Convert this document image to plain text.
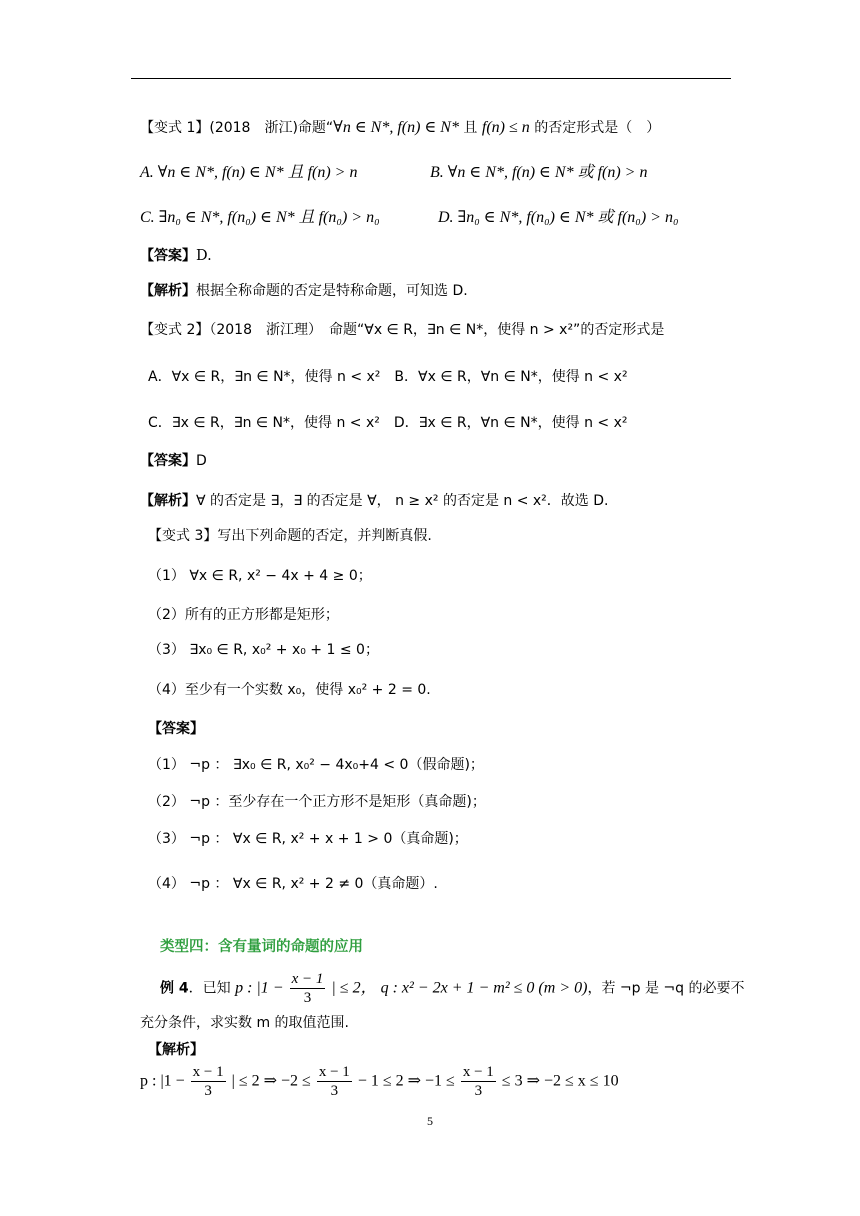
【变式 1】(2018　浙江)命题“∀n ∈ N*, f(n) ∈ N* 且 f(n) ≤ n 的否定形式是（　）
A. ∀n ∈ N*, f(n) ∈ N* 且 f(n) > n	B. ∀n ∈ N*, f(n) ∈ N* 或 f(n) > n
C. ∃n₀ ∈ N*, f(n₀) ∈ N* 且 f(n₀) > n₀	D. ∃n₀ ∈ N*, f(n₀) ∈ N* 或 f(n₀) > n₀
【答案】D.
【解析】根据全称命题的否定是特称命题，可知选 D.
【变式 2】（2018　浙江理）　命题“∀x ∈ R，∃n ∈ N*，使得 n > x²”的否定形式是
A．∀x ∈ R，∃n ∈ N*，使得 n < x²　B．∀x ∈ R，∀n ∈ N*，使得 n < x²
C．∃x ∈ R，∃n ∈ N*，使得 n < x²　D．∃x ∈ R，∀n ∈ N*，使得 n < x²
【答案】D
【解析】∀ 的否定是 ∃，∃ 的否定是 ∀， n ≥ x² 的否定是 n < x²．故选 D.
【变式 3】写出下列命题的否定，并判断真假.
（1） ∀x ∈ R, x² − 4x + 4 ≥ 0；
（2）所有的正方形都是矩形；
（3） ∃x₀ ∈ R, x₀² + x₀ + 1 ≤ 0；
（4）至少有一个实数 x₀，使得 x₀² + 2 = 0.
【答案】
（1） ¬p ： ∃x₀ ∈ R, x₀² − 4x₀+4 < 0（假命题)；
（2） ¬p ：至少存在一个正方形不是矩形（真命题)；
（3） ¬p ： ∀x ∈ R, x² + x + 1 > 0（真命题)；
（4） ¬p ： ∀x ∈ R, x² + 2 ≠ 0（真命题）.
类型四：含有量词的命题的应用
例 4．已知 p : $|1 - \frac{x - 1}{3}$ | ≤ 2， q : x² − 2x + 1 − m² ≤ 0 (m > 0)，若 ¬p 是 ¬q 的必要不
充分条件，求实数 m 的取值范围.
【解析】
p : $|1 - \frac{x - 1}{3}$ | ≤ 2 ⇒ $-2 \le \frac{x - 1}{3} - 1 \le 2$ ⇒ $-1 \le \frac{x - 1}{3} \le 3$ ⇒ −2 ≤ x ≤ 10
5
